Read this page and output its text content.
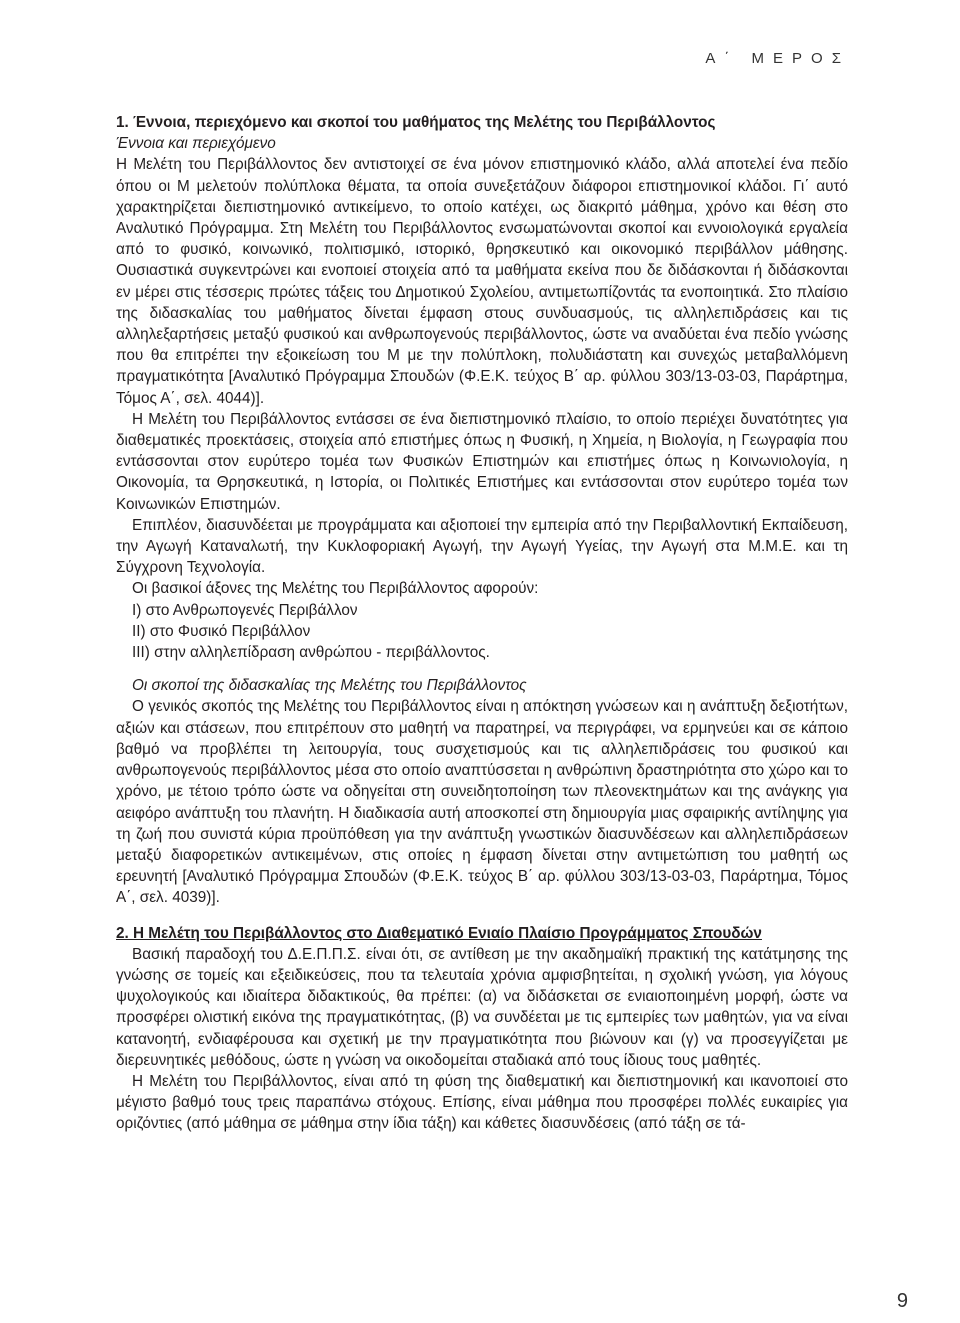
Α΄ ΜΕΡΟΣ

1. Έννοια, περιεχόμενο και σκοποί του μαθήματος της Μελέτης του Περιβάλλοντος

Έννοια και περιεχόμενο

Η Μελέτη του Περιβάλλοντος δεν αντιστοιχεί σε ένα μόνον επιστημονικό κλάδο, αλλά αποτελεί ένα πεδίο όπου οι Μ μελετούν πολύπλοκα θέματα, τα οποία συνεξετάζουν διάφοροι επιστημονικοί κλάδοι. Γι΄ αυτό χαρακτηρίζεται διεπιστημονικό αντικείμενο, το οποίο κατέχει, ως διακριτό μάθημα, χρόνο και θέση στο Αναλυτικό Πρόγραμμα. Στη Μελέτη του Περιβάλλοντος ενσωματώνονται σκοποί και εννοιολογικά εργαλεία από το φυσικό, κοινωνικό, πολιτισμικό, ιστορικό, θρησκευτικό και οικονομικό περιβάλλον μάθησης. Ουσιαστικά συγκεντρώνει και ενοποιεί στοιχεία από τα μαθήματα εκείνα που δε διδάσκονται ή διδάσκονται εν μέρει στις τέσσερις πρώτες τάξεις του Δημοτικού Σχολείου, αντιμετωπίζοντάς τα ενοποιητικά. Στο πλαίσιο της διδασκαλίας του μαθήματος δίνεται έμφαση στους συνδυασμούς, τις αλληλεπιδράσεις και τις αλληλεξαρτήσεις μεταξύ φυσικού και ανθρωπογενούς περιβάλλοντος, ώστε να αναδύεται ένα πεδίο γνώσης που θα επιτρέπει την εξοικείωση του Μ με την πολύπλοκη, πολυδιάστατη και συνεχώς μεταβαλλόμενη πραγματικότητα [Αναλυτικό Πρόγραμμα Σπουδών (Φ.Ε.Κ. τεύχος Β΄ αρ. φύλλου 303/13-03-03, Παράρτημα, Τόμος Α΄, σελ. 4044)].

Η Μελέτη του Περιβάλλοντος εντάσσει σε ένα διεπιστημονικό πλαίσιο, το οποίο περιέχει δυνατότητες για διαθεματικές προεκτάσεις, στοιχεία από επιστήμες όπως η Φυσική, η Χημεία, η Βιολογία, η Γεωγραφία που εντάσσονται στον ευρύτερο τομέα των Φυσικών Επιστημών και επιστήμες όπως η Κοινωνιολογία, η Οικονομία, τα Θρησκευτικά, η Ιστορία, οι Πολιτικές Επιστήμες και εντάσσονται στον ευρύτερο τομέα των Κοινωνικών Επιστημών.

Επιπλέον, διασυνδέεται με προγράμματα και αξιοποιεί την εμπειρία από την Περιβαλλοντική Εκπαίδευση, την Αγωγή Καταναλωτή, την Κυκλοφοριακή Αγωγή, την Αγωγή Υγείας, την Αγωγή στα Μ.Μ.Ε. και τη Σύγχρονη Τεχνολογία.

Οι βασικοί άξονες της Μελέτης του Περιβάλλοντος αφορούν:

Ι) στο Ανθρωπογενές Περιβάλλον

ΙΙ) στο Φυσικό Περιβάλλον

ΙΙΙ) στην αλληλεπίδραση ανθρώπου - περιβάλλοντος.

Οι σκοποί της διδασκαλίας της Μελέτης του Περιβάλλοντος

Ο γενικός σκοπός της Μελέτης του Περιβάλλοντος είναι η απόκτηση γνώσεων και η ανάπτυξη δεξιοτήτων, αξιών και στάσεων, που επιτρέπουν στο μαθητή να παρατηρεί, να περιγράφει, να ερμηνεύει και σε κάποιο βαθμό να προβλέπει τη λειτουργία, τους συσχετισμούς και τις αλληλεπιδράσεις του φυσικού και ανθρωπογενούς περιβάλλοντος μέσα στο οποίο αναπτύσσεται η ανθρώπινη δραστηριότητα στο χώρο και το χρόνο, με τέτοιο τρόπο ώστε να οδηγείται στη συνειδητοποίηση των πλεονεκτημάτων και της ανάγκης για αειφόρο ανάπτυξη του πλανήτη. Η διαδικασία αυτή αποσκοπεί στη δημιουργία μιας σφαιρικής αντίληψης για τη ζωή που συνιστά κύρια προϋπόθεση για την ανάπτυξη γνωστικών διασυνδέσεων και αλληλεπιδράσεων μεταξύ διαφορετικών αντικειμένων, στις οποίες η έμφαση δίνεται στην αντιμετώπιση του μαθητή ως ερευνητή [Αναλυτικό Πρόγραμμα Σπουδών (Φ.Ε.Κ. τεύχος Β΄ αρ. φύλλου 303/13-03-03, Παράρτημα, Τόμος Α΄, σελ. 4039)].

2. Η Μελέτη του Περιβάλλοντος στο Διαθεματικό Ενιαίο Πλαίσιο Προγράμματος Σπουδών

Βασική παραδοχή του Δ.Ε.Π.Π.Σ. είναι ότι, σε αντίθεση με την ακαδημαϊκή πρακτική της κατάτμησης της γνώσης σε τομείς και εξειδικεύσεις, που τα τελευταία χρόνια αμφισβητείται, η σχολική γνώση, για λόγους ψυχολογικούς και ιδιαίτερα διδακτικούς, θα πρέπει: (α) να διδάσκεται σε ενιαιοποιημένη μορφή, ώστε να προσφέρει ολιστική εικόνα της πραγματικότητας, (β) να συνδέεται με τις εμπειρίες των μαθητών, για να είναι κατανοητή, ενδιαφέρουσα και σχετική με την πραγματικότητα που βιώνουν και (γ) να προσεγγίζεται με διερευνητικές μεθόδους, ώστε η γνώση να οικοδομείται σταδιακά από τους ίδιους τους μαθητές.

Η Μελέτη του Περιβάλλοντος, είναι από τη φύση της διαθεματική και διεπιστημονική και ικανοποιεί στο μέγιστο βαθμό τους τρεις παραπάνω στόχους. Επίσης, είναι μάθημα που προσφέρει πολλές ευκαιρίες για οριζόντιες (από μάθημα σε μάθημα στην ίδια τάξη) και κάθετες διασυνδέσεις (από τάξη σε τά-

9
